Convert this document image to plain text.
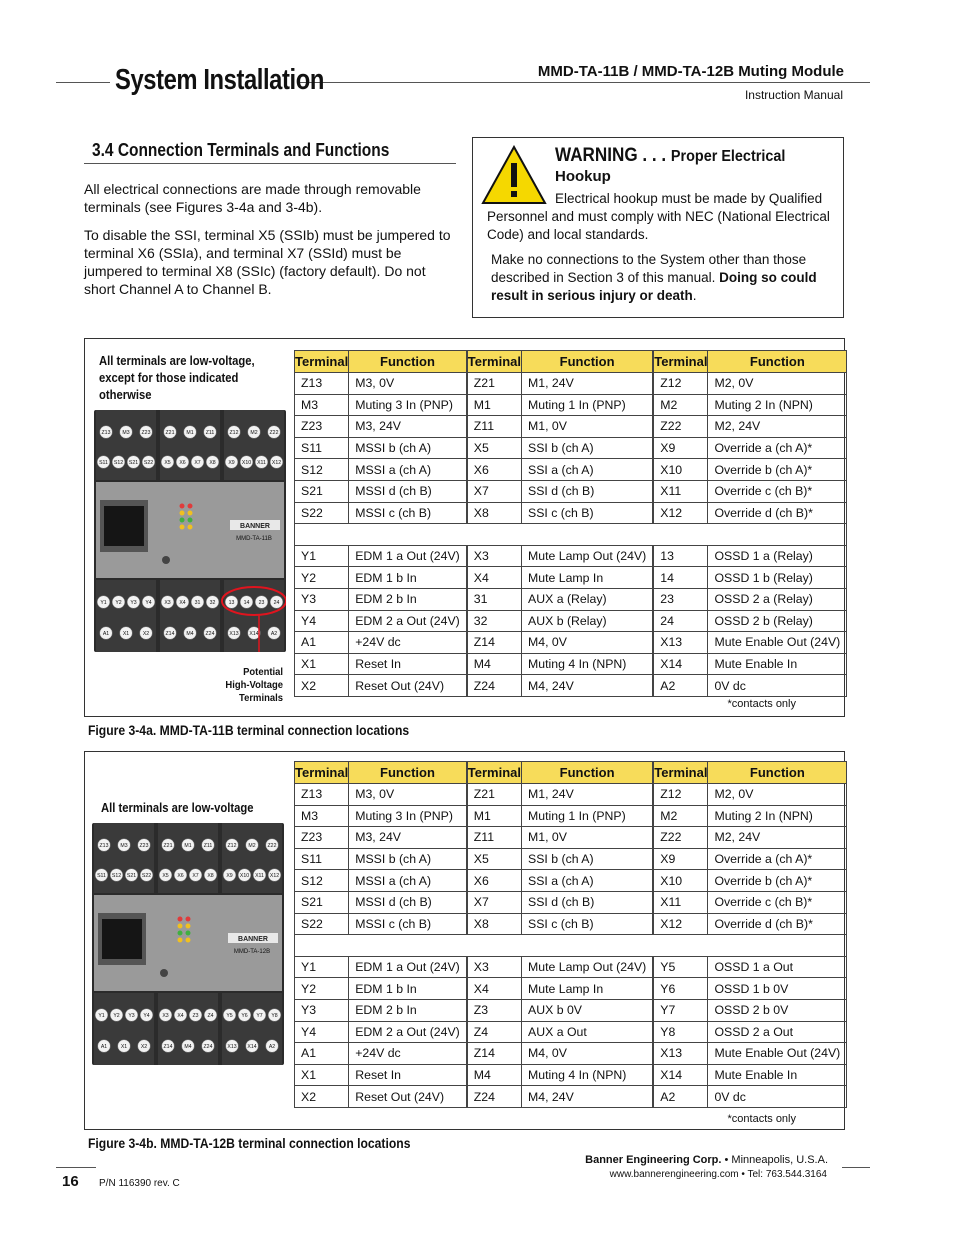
System Installation	MMD-TA-11B / MMD-TA-12B Muting Module
Instruction Manual
3.4 Connection Terminals and Functions

All electrical connections are made through removable terminals (see Figures 3-4a and 3-4b).

To disable the SSI, terminal X5 (SSIb) must be jumpered to terminal X6 (SSIa), and terminal X7 (SSId) must be jumpered to terminal X8 (SSIc) (factory default). Do not short Channel A to Channel B.

WARNING . . . Proper Electrical
Hookup

Electrical hookup must be made by Qualified Personnel and must comply with NEC (National Electrical Code) and local standards.

Make no connections to the System other than those described in Section 3 of this manual. Doing so could result in serious injury or death.

All terminals are low-voltage, except for those indicated otherwise
BANNER
MMD-TA-11B
Z13 M3 Z23	Z21 M1 Z11	Z12 M2 Z22
S11 S12 S21 S22 X5 X6 X7 X8 X9 X10 X11 X12
Y1 Y2 Y3 Y4 X3 X4 31 32	13 14 23 24
A1	X1	X2	Z14 M4 Z24	X13 X14 A2
Potential High-Voltage Terminals
Terminal	Function		Terminal	Function		Terminal	Function
Z13	M3, 0V		Z21	M1, 24V		Z12	M2, 0V
M3	Muting 3 In (PNP)		M1	Muting 1 In (PNP)		M2	Muting 2 In (NPN)
Z23	M3, 24V		Z11	M1, 0V		Z22	M2, 24V
S11	MSSI b (ch A)		X5	SSI b (ch A)		X9	Override a (ch A)*
S12	MSSI a (ch A)		X6	SSI a (ch A)		X10	Override b (ch A)*
S21	MSSI d (ch B)		X7	SSI d (ch B)		X11	Override c (ch B)*
S22	MSSI c (ch B)		X8	SSI c (ch B)		X12	Override d (ch B)*

Y1	EDM 1 a Out (24V)		X3	Mute Lamp Out (24V)		13	OSSD 1 a (Relay)
Y2	EDM 1 b In		X4	Mute Lamp In		14	OSSD 1 b (Relay)
Y3	EDM 2 b In		31	AUX a (Relay)		23	OSSD 2 a (Relay)
Y4	EDM 2 a Out (24V)		32	AUX b (Relay)		24	OSSD 2 b (Relay)
A1	+24V dc		Z14	M4, 0V		X13	Mute Enable Out (24V)
X1	Reset In		M4	Muting 4 In (NPN)		X14	Mute Enable In
X2	Reset Out (24V)		Z24	M4, 24V		A2	0V dc
*contacts only
Figure 3-4a. MMD-TA-11B terminal connection locations
All terminals are low-voltage
BANNER
MMD-TA-12B
Z13 M3 Z23	Z21 M1 Z11	Z12 M2 Z22
S11 S12 S21 S22 X5 X6 X7 X8 X9 X10 X11 X12
Y1 Y2 Y3 Y4 X3 X4 Z3 Z4 Y5 Y6 Y7 Y8
A1	X1	X2	Z14 M4 Z24	X13 X14 A2
Terminal	Function		Terminal	Function		Terminal	Function
Z13	M3, 0V		Z21	M1, 24V		Z12	M2, 0V
M3	Muting 3 In (PNP)		M1	Muting 1 In (PNP)		M2	Muting 2 In (NPN)
Z23	M3, 24V		Z11	M1, 0V		Z22	M2, 24V
S11	MSSI b (ch A)		X5	SSI b (ch A)		X9	Override a (ch A)*
S12	MSSI a (ch A)		X6	SSI a (ch A)		X10	Override b (ch A)*
S21	MSSI d (ch B)		X7	SSI d (ch B)		X11	Override c (ch B)*
S22	MSSI c (ch B)		X8	SSI c (ch B)		X12	Override d (ch B)*

Y1	EDM 1 a Out (24V)		X3	Mute Lamp Out (24V)		Y5	OSSD 1 a Out
Y2	EDM 1 b In		X4	Mute Lamp In		Y6	OSSD 1 b 0V
Y3	EDM 2 b In		Z3	AUX b 0V		Y7	OSSD 2 b 0V
Y4	EDM 2 a Out (24V)		Z4	AUX a Out		Y8	OSSD 2 a Out
A1	+24V dc		Z14	M4, 0V		X13	Mute Enable Out (24V)
X1	Reset In		M4	Muting 4 In (NPN)		X14	Mute Enable In
X2	Reset Out (24V)		Z24	M4, 24V		A2	0V dc
*contacts only
Figure 3-4b. MMD-TA-12B terminal connection locations
16 P/N 116390 rev. C
Banner Engineering Corp. • Minneapolis, U.S.A.
www.bannerengineering.com • Tel: 763.544.3164
